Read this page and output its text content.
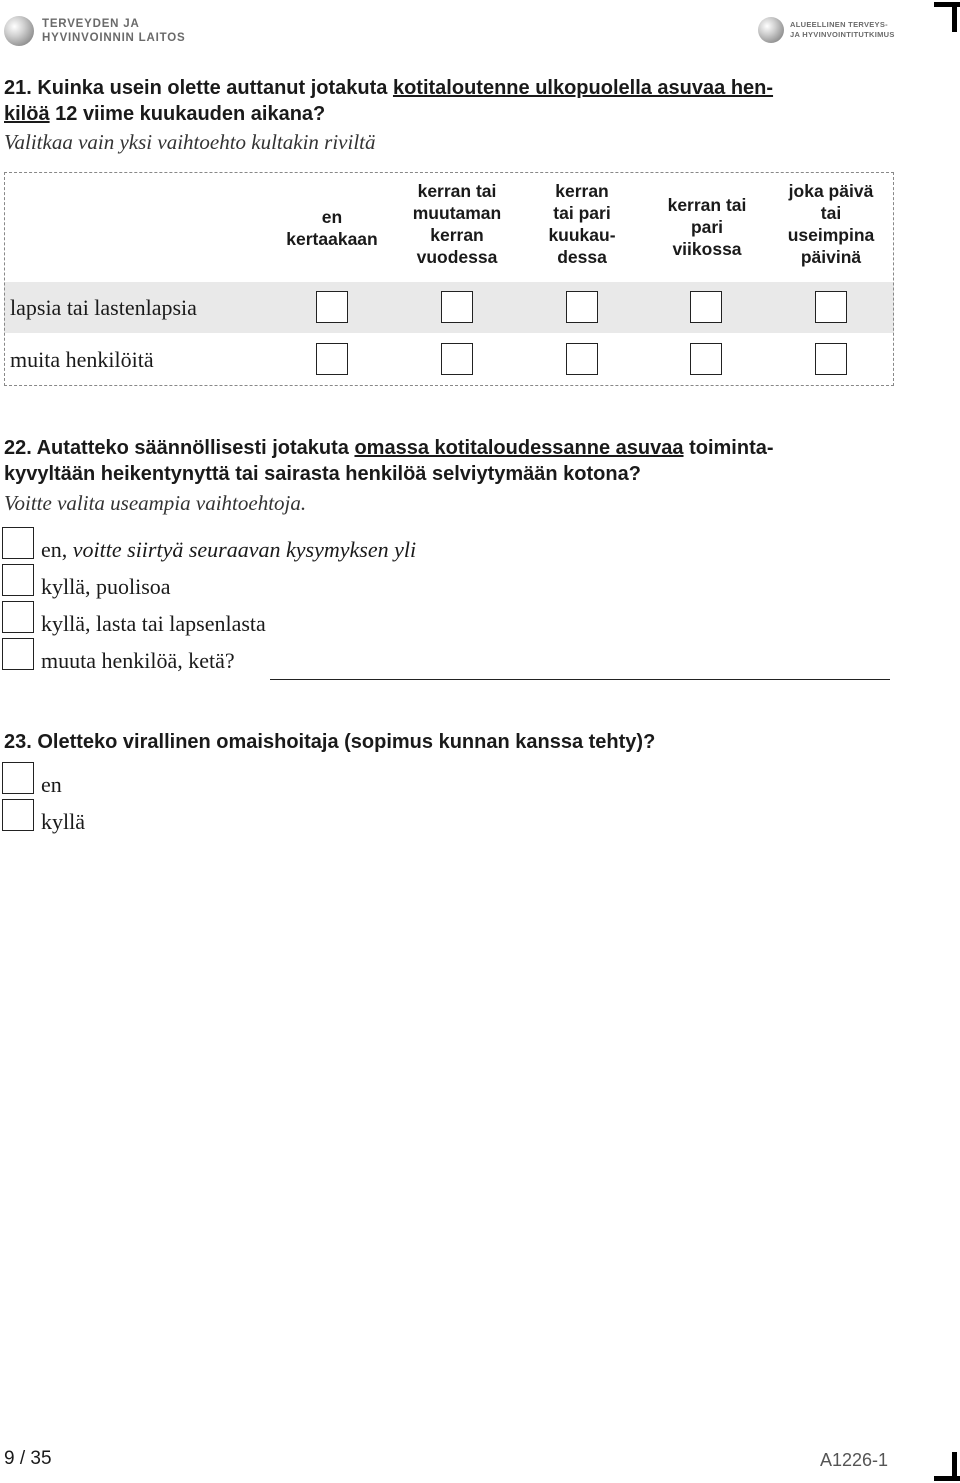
TERVEYDEN JA
HYVINVOINNIN LAITOS
ALUEELLINEN TERVEYS-
JA HYVINVOINTITUTKIMUS
21. Kuinka usein olette auttanut jotakuta kotitaloutenne ulkopuolella asuvaa hen-
kilöä 12 viime kuukauden aikana?
Valitkaa vain yksi vaihtoehto kultakin riviltä
en
kertaakaan
kerran tai
muutaman
kerran
vuodessa
kerran
tai pari
kuukau-
dessa
kerran tai
pari
viikossa
joka päivä
tai
useimpina
päivinä
lapsia tai lastenlapsia
muita henkilöitä
22. Autatteko säännöllisesti jotakuta omassa kotitaloudessanne asuvaa toiminta-
kyvyltään heikentynyttä tai sairasta henkilöä selviytymään kotona?
Voitte valita useampia vaihtoehtoja.
en, voitte siirtyä seuraavan kysymyksen yli
kyllä, puolisoa
kyllä, lasta tai lapsenlasta
muuta henkilöä, ketä?
23. Oletteko virallinen omaishoitaja (sopimus kunnan kanssa tehty)?
en
kyllä
9 / 35	A1226-1
